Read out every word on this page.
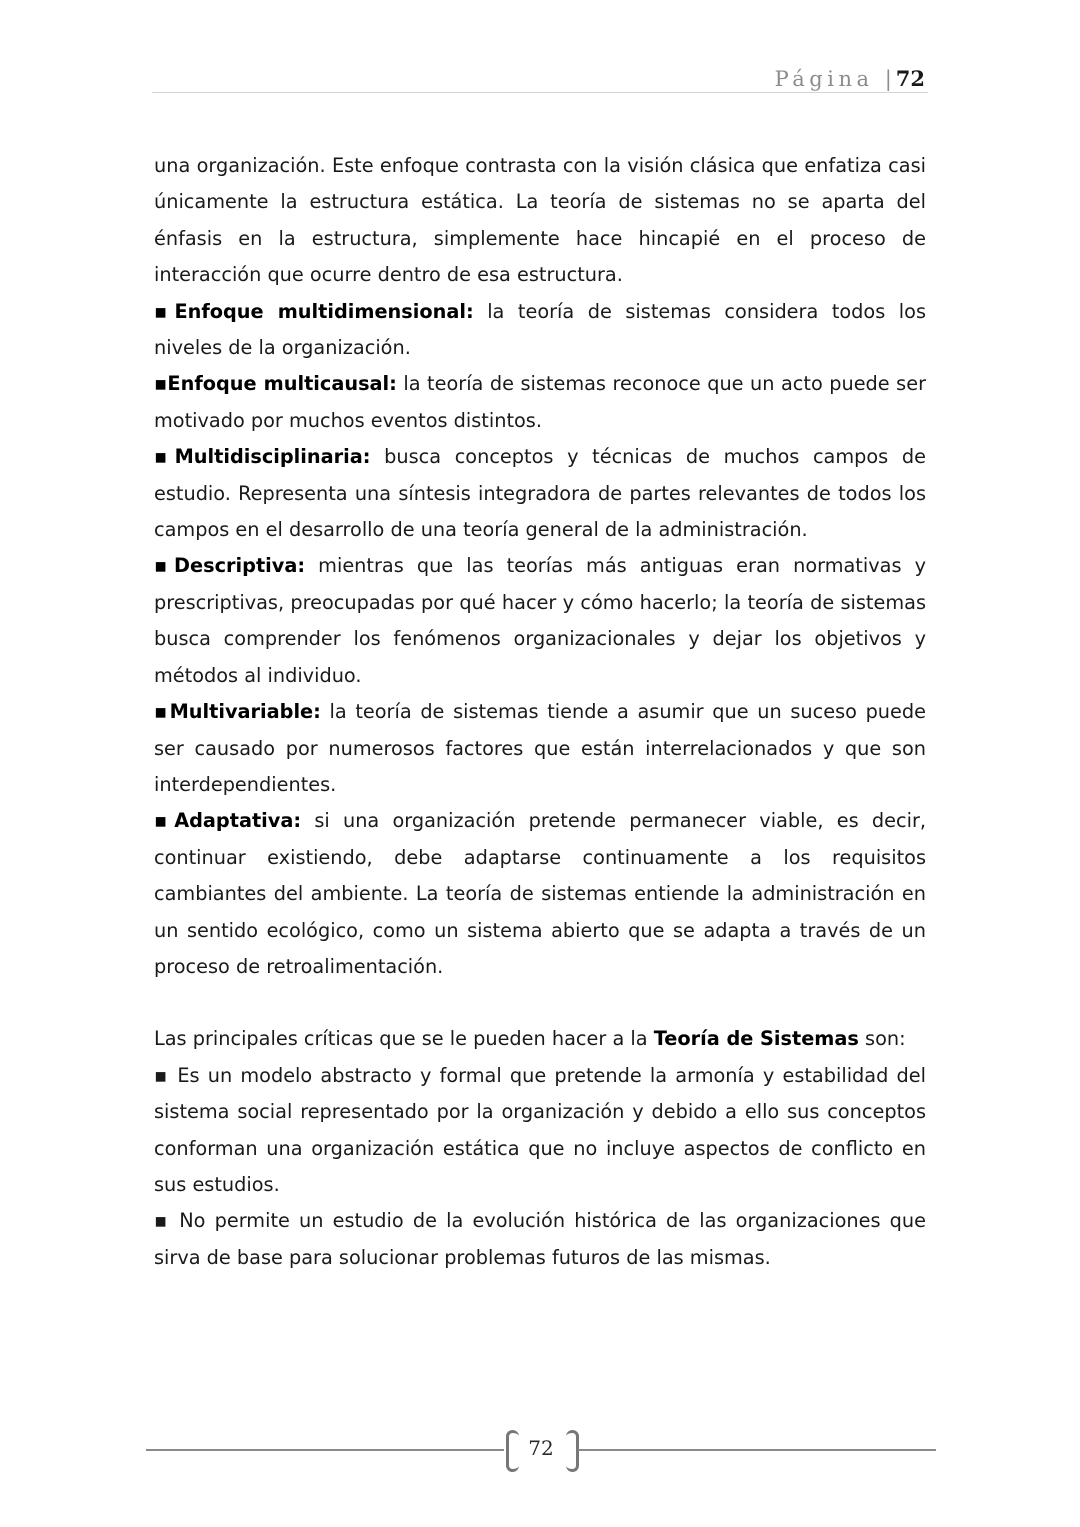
Página | 72

una organización. Este enfoque contrasta con la visión clásica que enfatiza casi únicamente la estructura estática. La teoría de sistemas no se aparta del énfasis en la estructura, simplemente hace hincapié en el proceso de interacción que ocurre dentro de esa estructura.

▪Enfoque multidimensional: la teoría de sistemas considera todos los niveles de la organización.

▪Enfoque multicausal: la teoría de sistemas reconoce que un acto puede ser motivado por muchos eventos distintos.

▪Multidisciplinaria: busca conceptos y técnicas de muchos campos de estudio. Representa una síntesis integradora de partes relevantes de todos los campos en el desarrollo de una teoría general de la administración.

▪Descriptiva: mientras que las teorías más antiguas eran normativas y prescriptivas, preocupadas por qué hacer y cómo hacerlo; la teoría de sistemas busca comprender los fenómenos organizacionales y dejar los objetivos y métodos al individuo.

▪Multivariable: la teoría de sistemas tiende a asumir que un suceso puede ser causado por numerosos factores que están interrelacionados y que son interdependientes.

▪Adaptativa: si una organización pretende permanecer viable, es decir, continuar existiendo, debe adaptarse continuamente a los requisitos cambiantes del ambiente. La teoría de sistemas entiende la administración en un sentido ecológico, como un sistema abierto que se adapta a través de un proceso de retroalimentación.

Las principales críticas que se le pueden hacer a la Teoría de Sistemas son:

▪ Es un modelo abstracto y formal que pretende la armonía y estabilidad del sistema social representado por la organización y debido a ello sus conceptos conforman una organización estática que no incluye aspectos de conflicto en sus estudios.

▪ No permite un estudio de la evolución histórica de las organizaciones que sirva de base para solucionar problemas futuros de las mismas.

72
